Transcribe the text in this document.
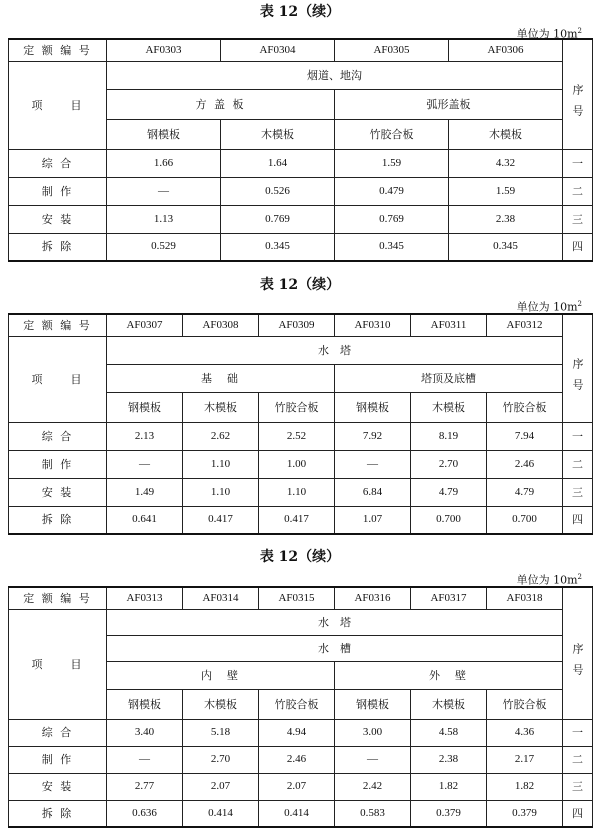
表 12（续）
单位为 $10m^2$
定 额 编 号	AF0303	AF0304	AF0305	AF0306	
项　　目	烟道、地沟				序号
	方 盖 板		弧形盖板		
	钢模板	木模板	竹胶合板	木模板	
综 合	1.66	1.64	1.59	4.32	一
制 作	—	0.526	0.479	1.59	二
安 装	1.13	0.769	0.769	2.38	三
拆 除	0.529	0.345	0.345	0.345	四
表 12（续）
单位为 $10m^2$
定 额 编 号	AF0307	AF0308	AF0309	AF0310	AF0311	AF0312	
项　　目	水　塔						序号
	基　础			塔顶及底槽			
	钢模板	木模板	竹胶合板	钢模板	木模板	竹胶合板	
综 合	2.13	2.62	2.52	7.92	8.19	7.94	一
制 作	—	1.10	1.00	—	2.70	2.46	二
安 装	1.49	1.10	1.10	6.84	4.79	4.79	三
拆 除	0.641	0.417	0.417	1.07	0.700	0.700	四
表 12（续）
单位为 $10m^2$
定 额 编 号	AF0313	AF0314	AF0315	AF0316	AF0317	AF0318	
项　　目	水　塔						序号
	水　槽						
	内　壁			外　壁			
	钢模板	木模板	竹胶合板	钢模板	木模板	竹胶合板	
综 合	3.40	5.18	4.94	3.00	4.58	4.36	一
制 作	—	2.70	2.46	—	2.38	2.17	二
安 装	2.77	2.07	2.07	2.42	1.82	1.82	三
拆 除	0.636	0.414	0.414	0.583	0.379	0.379	四
